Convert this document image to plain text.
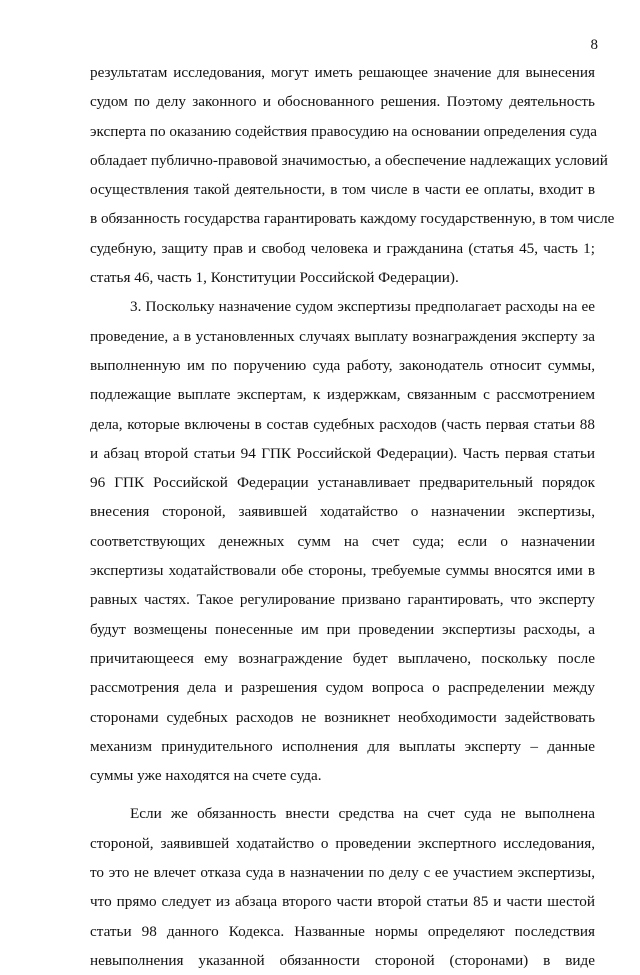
8
результатам исследования, могут иметь решающее значение для вынесения
судом по делу законного и обоснованного решения. Поэтому деятельность
эксперта по оказанию содействия правосудию на основании определения суда
обладает публично-правовой значимостью, а обеспечение надлежащих условий
осуществления такой деятельности, в том числе в части ее оплаты, входит в
в обязанность государства гарантировать каждому государственную, в том числе
судебную, защиту прав и свобод человека и гражданина (статья 45, часть 1;
статья 46, часть 1, Конституции Российской Федерации).
3. Поскольку назначение судом экспертизы предполагает расходы на ее
проведение, а в установленных случаях выплату вознаграждения эксперту за
выполненную им по поручению суда работу, законодатель относит суммы,
подлежащие выплате экспертам, к издержкам, связанным с рассмотрением
дела, которые включены в состав судебных расходов (часть первая статьи 88
и абзац второй статьи 94 ГПК Российской Федерации). Часть первая статьи
96 ГПК Российской Федерации устанавливает предварительный порядок
внесения стороной, заявившей ходатайство о назначении экспертизы,
соответствующих денежных сумм на счет суда; если о назначении
экспертизы ходатайствовали обе стороны, требуемые суммы вносятся ими в
равных частях. Такое регулирование призвано гарантировать, что эксперту
будут возмещены понесенные им при проведении экспертизы расходы, а
причитающееся ему вознаграждение будет выплачено, поскольку после
рассмотрения дела и разрешения судом вопроса о распределении между
сторонами судебных расходов не возникнет необходимости задействовать
механизм принудительного исполнения для выплаты эксперту – данные
суммы уже находятся на счете суда.
Если же обязанность внести средства на счет суда не выполнена
стороной, заявившей ходатайство о проведении экспертного исследования,
то это не влечет отказа суда в назначении по делу с ее участием экспертизы,
что прямо следует из абзаца второго части второй статьи 85 и части шестой
статьи 98 данного Кодекса. Названные нормы определяют последствия
невыполнения указанной обязанности стороной (сторонами) в виде
